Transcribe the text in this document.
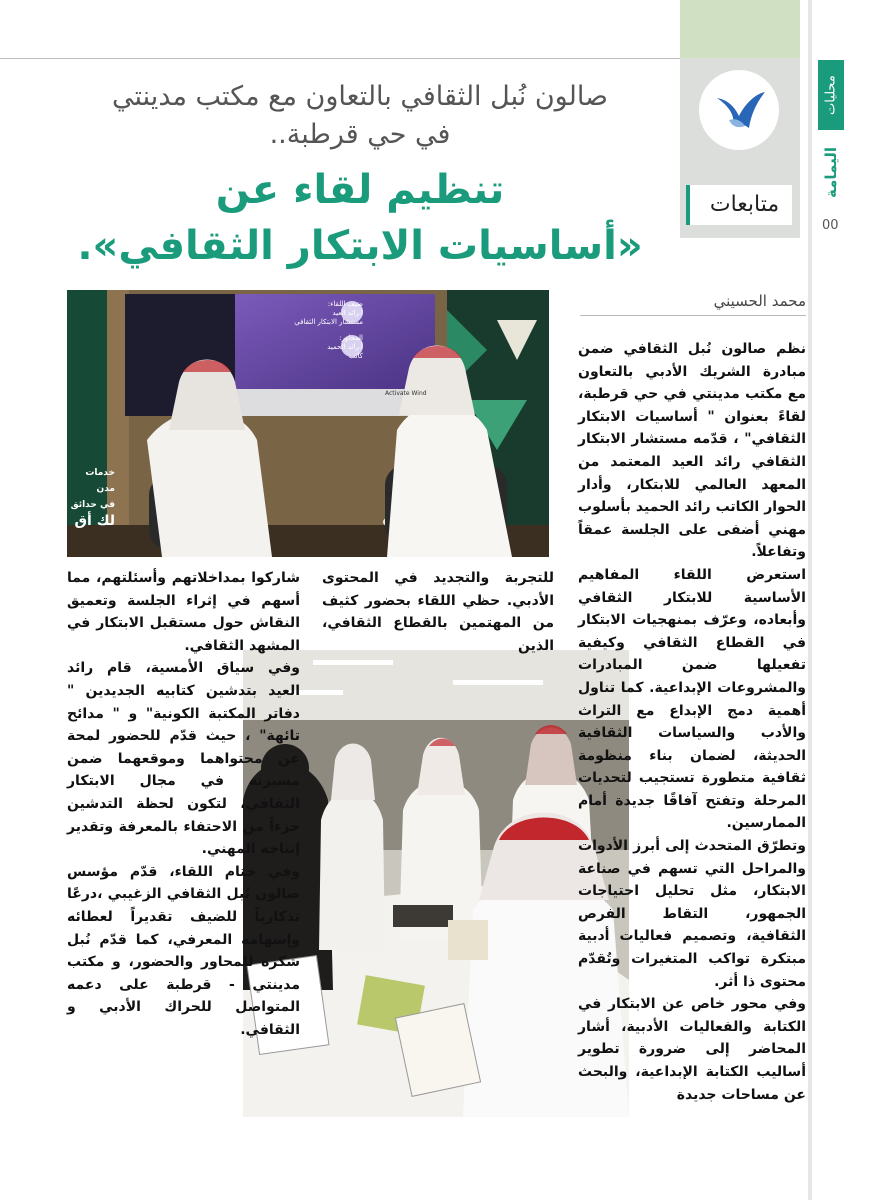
متابعات
محليات
اليمامة
00
صالون نُبل الثقافي بالتعاون مع مكتب مدينتي
في حي قرطبة..
تنظيم لقاء عن
«أساسيات الابتكار الثقافي».
محمد الحسيني
ضيف اللقاء:
أ.رائد العيد
مستشار الابتكار الثقافي
المحاور:
أ.رائد الحميد
كاتب
Activate Wind
خدمات مدن
في حدائق
لك أق

نظم صالون نُبل الثقافي ضمن مبادرة الشريك الأدبي بالتعاون مع مكتب مدينتي في حي قرطبة، لقاءً بعنوان " أساسيات الابتكار الثقافي" ، قدّمه مستشار الابتكار الثقافي رائد العيد المعتمد من المعهد العالمي للابتكار، وأدار الحوار الكاتب رائد الحميد بأسلوب مهني أضفى على الجلسة عمقاً وتفاعلاً.

استعرض اللقاء المفاهيم الأساسية للابتكار الثقافي وأبعاده، وعرّف بمنهجيات الابتكار في القطاع الثقافي وكيفية تفعيلها ضمن المبادرات والمشروعات الإبداعية. كما تناول أهمية دمج الإبداع مع التراث والأدب والسياسات الثقافية الحديثة، لضمان بناء منظومة ثقافية متطورة تستجيب لتحديات المرحلة وتفتح آفاقًا جديدة أمام الممارسين.

وتطرّق المتحدث إلى أبرز الأدوات والمراحل التي تسهم في صناعة الابتكار، مثل تحليل احتياجات الجمهور، التقاط الفرص الثقافية، وتصميم فعاليات أدبية مبتكرة تواكب المتغيرات وتُقدّم محتوى ذا أثر.

وفي محور خاص عن الابتكار في الكتابة والفعاليات الأدبية، أشار المحاضر إلى ضرورة تطوير أساليب الكتابة الإبداعية، والبحث عن مساحات جديدة

للتجربة والتجديد في المحتوى الأدبي. حظي اللقاء بحضور كثيف من المهتمين بالقطاع الثقافي، الذين

شاركوا بمداخلاتهم وأسئلتهم، مما أسهم في إثراء الجلسة وتعميق النقاش حول مستقبل الابتكار في المشهد الثقافي.

وفي سياق الأمسية، قام رائد العيد بتدشين كتابيه الجديدين " دفاتر المكتبة الكونية" و " مدائح تائهة" ، حيث قدّم للحضور لمحة عن محتواهما وموقعهما ضمن مسيرته في مجال الابتكار الثقافي، لتكون لحظة التدشين جزءاً من الاحتفاء بالمعرفة وتقدير إنتاجه المهني.

وفي ختام اللقاء، قدّم مؤسس صالون نُبل الثقافي الزغيبي ،درعًا تذكارياً للضيف تقديراً لعطائه وإسهامه المعرفي، كما قدّم نُبل شكره للمحاور والحضور، و مكتب مدينتي - قرطبة على دعمه المتواصل للحراك الأدبي و الثقافي.
